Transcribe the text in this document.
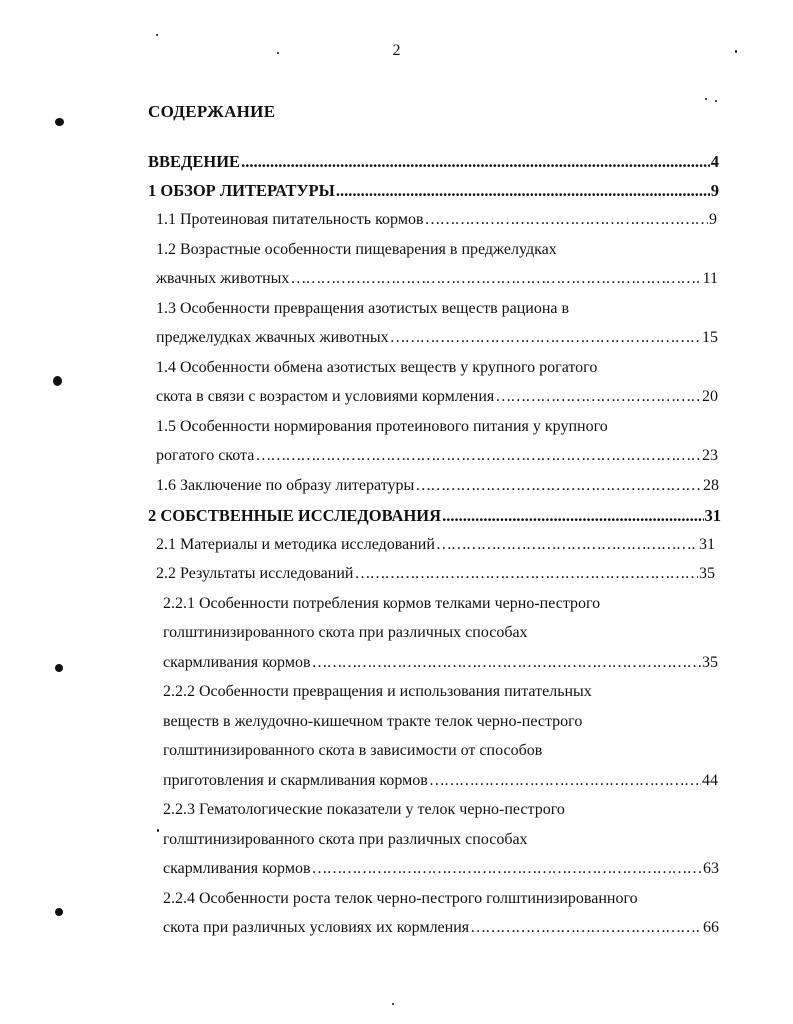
2
СОДЕРЖАНИЕ
ВВЕДЕНИЕ .....	4
1 ОБЗОР ЛИТЕРАТУРЫ .....	9
1.1 Протеиновая питательность кормов ………………………………………………………………………………………………………………………………………………………………	9
1.2 Возрастные особенности пищеварения в преджелудках
жвачных животных ………………………………………………………………………………………………………………………………………………………………	11
1.3 Особенности превращения азотистых веществ рациона в
преджелудках жвачных животных ………………………………………………………………………………………………………………………………………………………………	15
1.4 Особенности обмена азотистых веществ у крупного рогатого
скота в связи с возрастом и условиями кормления ………………………………………………………………………………………………………………………………………………………………	20
1.5 Особенности нормирования протеинового питания у крупного
рогатого скота ………………………………………………………………………………………………………………………………………………………………	23
1.6 Заключение по образу литературы ………………………………………………………………………………………………………………………………………………………………	28
2 СОБСТВЕННЫЕ ИССЛЕДОВАНИЯ .....	31
2.1 Материалы и методика исследований ………………………………………………………………………………………………………………………………………………………………	31
2.2 Результаты исследований ………………………………………………………………………………………………………………………………………………………………	35
2.2.1 Особенности потребления кормов телками черно-пестрого
голштинизированного скота при различных способах
скармливания кормов ………………………………………………………………………………………………………………………………………………………………	35
2.2.2 Особенности превращения и использования питательных
веществ в желудочно-кишечном тракте телок черно-пестрого
голштинизированного скота в зависимости от способов
приготовления и скармливания кормов ………………………………………………………………………………………………………………………………………………………………	44
2.2.3 Гематологические показатели у телок черно-пестрого
голштинизированного скота при различных способах
скармливания кормов ………………………………………………………………………………………………………………………………………………………………	63
2.2.4 Особенности роста телок черно-пестрого голштинизированного
скота при различных условиях их кормления ………………………………………………………………………………………………………………………………………………………………	66
